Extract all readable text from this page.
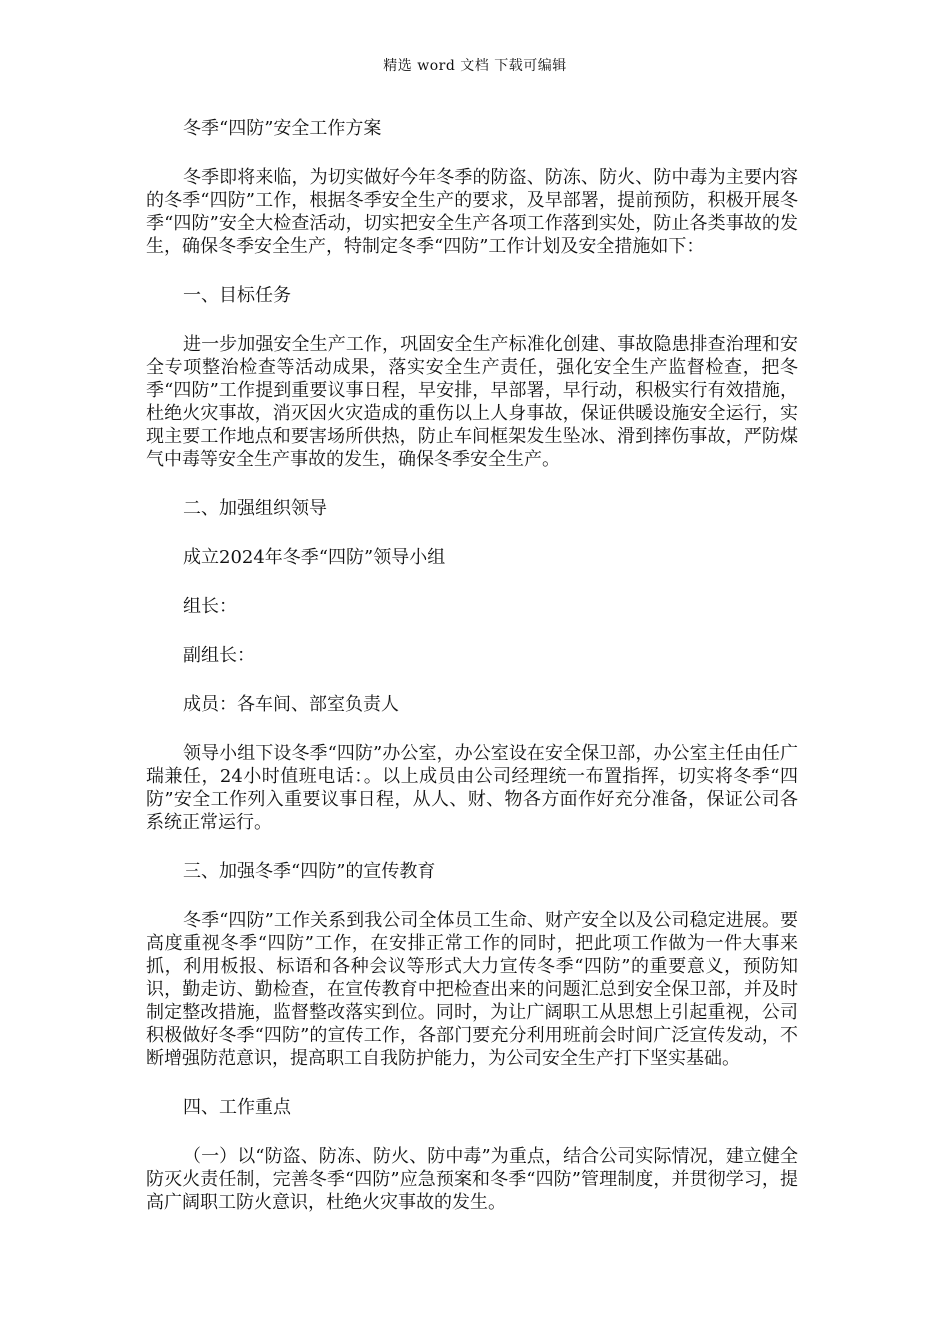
精选 word 文档 下载可编辑

冬季“四防”安全工作方案

冬季即将来临，为切实做好今年冬季的防盗、防冻、防火、防中毒为主要内容的冬季“四防”工作，根据冬季安全生产的要求，及早部署，提前预防，积极开展冬季“四防”安全大检查活动，切实把安全生产各项工作落到实处，防止各类事故的发生，确保冬季安全生产，特制定冬季“四防”工作计划及安全措施如下：

一、目标任务

进一步加强安全生产工作，巩固安全生产标准化创建、事故隐患排查治理和安全专项整治检查等活动成果，落实安全生产责任，强化安全生产监督检查，把冬季“四防”工作提到重要议事日程，早安排，早部署，早行动，积极实行有效措施，杜绝火灾事故，消灭因火灾造成的重伤以上人身事故，保证供暖设施安全运行，实现主要工作地点和要害场所供热，防止车间框架发生坠冰、滑到摔伤事故，严防煤气中毒等安全生产事故的发生，确保冬季安全生产。

二、加强组织领导

成立2024年冬季“四防”领导小组

组长：

副组长：

成员：各车间、部室负责人

领导小组下设冬季“四防”办公室，办公室设在安全保卫部，办公室主任由任广瑞兼任，24小时值班电话：。以上成员由公司经理统一布置指挥，切实将冬季“四防”安全工作列入重要议事日程，从人、财、物各方面作好充分准备，保证公司各系统正常运行。

三、加强冬季“四防”的宣传教育

冬季“四防”工作关系到我公司全体员工生命、财产安全以及公司稳定进展。要高度重视冬季“四防”工作，在安排正常工作的同时，把此项工作做为一件大事来抓，利用板报、标语和各种会议等形式大力宣传冬季“四防”的重要意义，预防知识，勤走访、勤检查，在宣传教育中把检查出来的问题汇总到安全保卫部，并及时制定整改措施，监督整改落实到位。同时，为让广阔职工从思想上引起重视，公司积极做好冬季“四防”的宣传工作，各部门要充分利用班前会时间广泛宣传发动，不断增强防范意识，提高职工自我防护能力，为公司安全生产打下坚实基础。

四、工作重点

（一）以“防盗、防冻、防火、防中毒”为重点，结合公司实际情况，建立健全防灭火责任制，完善冬季“四防”应急预案和冬季“四防”管理制度，并贯彻学习，提高广阔职工防火意识，杜绝火灾事故的发生。
